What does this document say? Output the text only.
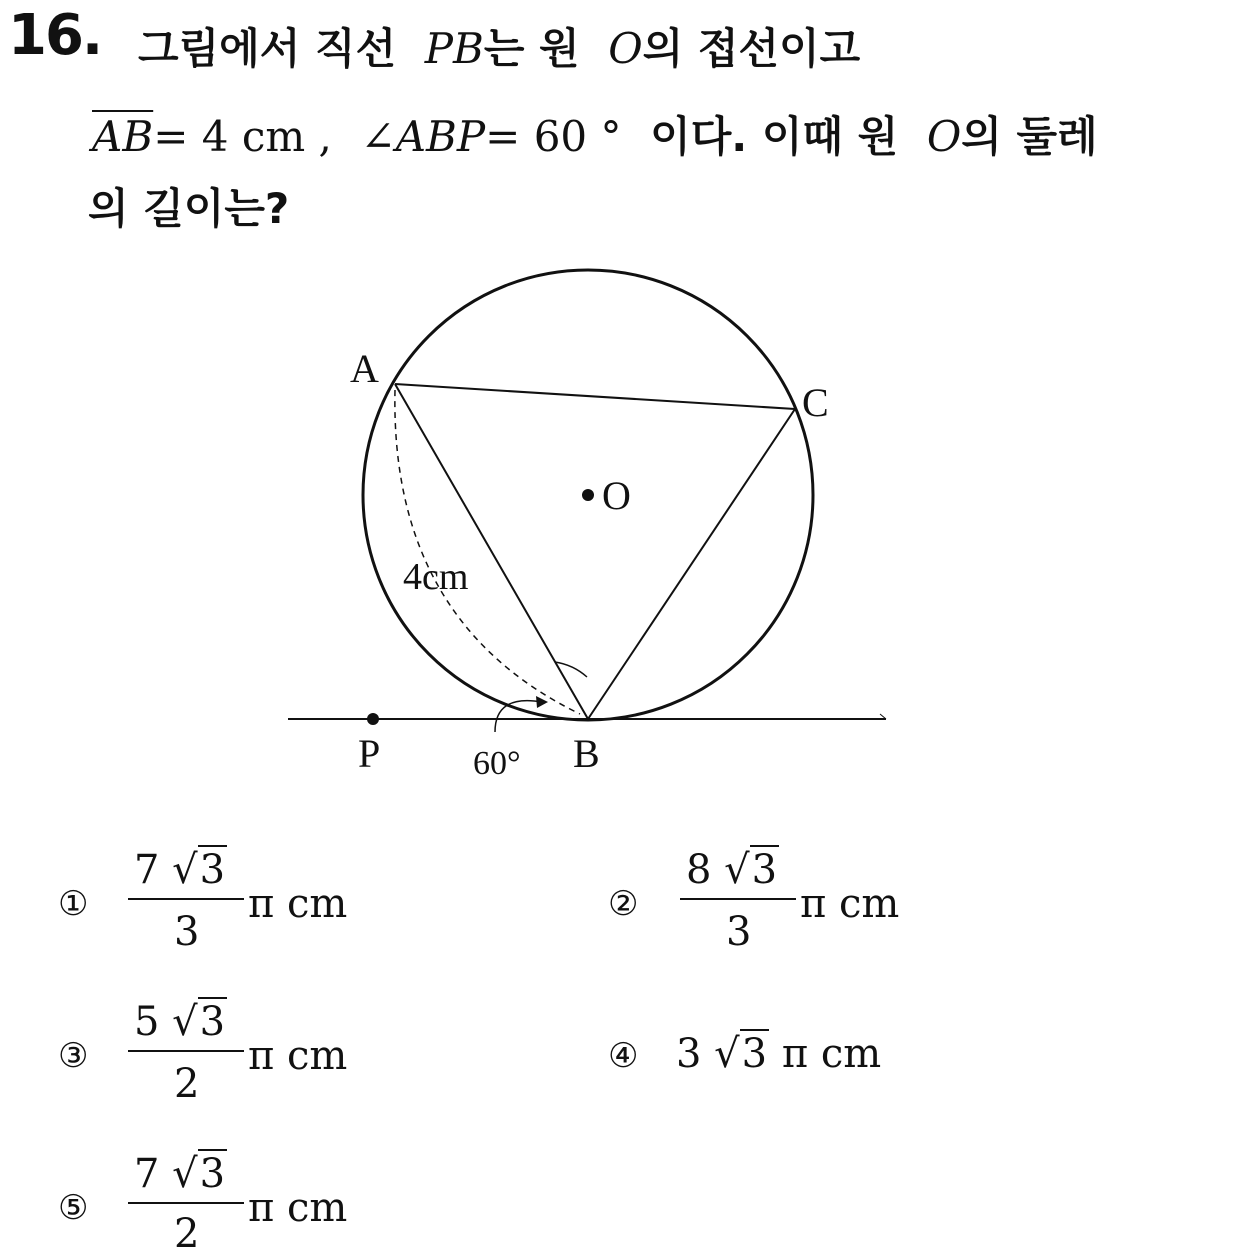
16. 그림에서 직선 PB는 원 O의 접선이고
$\overline{AB}= 4$ cm , ∠ABP= 60 ° 이다. 이때 원 O의 둘레
의 길이는?
A
C
O
P	B
4cm
60°
①
7 √3
3
π cm	②
8 √3
3
π cm
③
5 √3
2
π cm	④ 3 √3 π cm
⑤
7 √3
2
π cm
